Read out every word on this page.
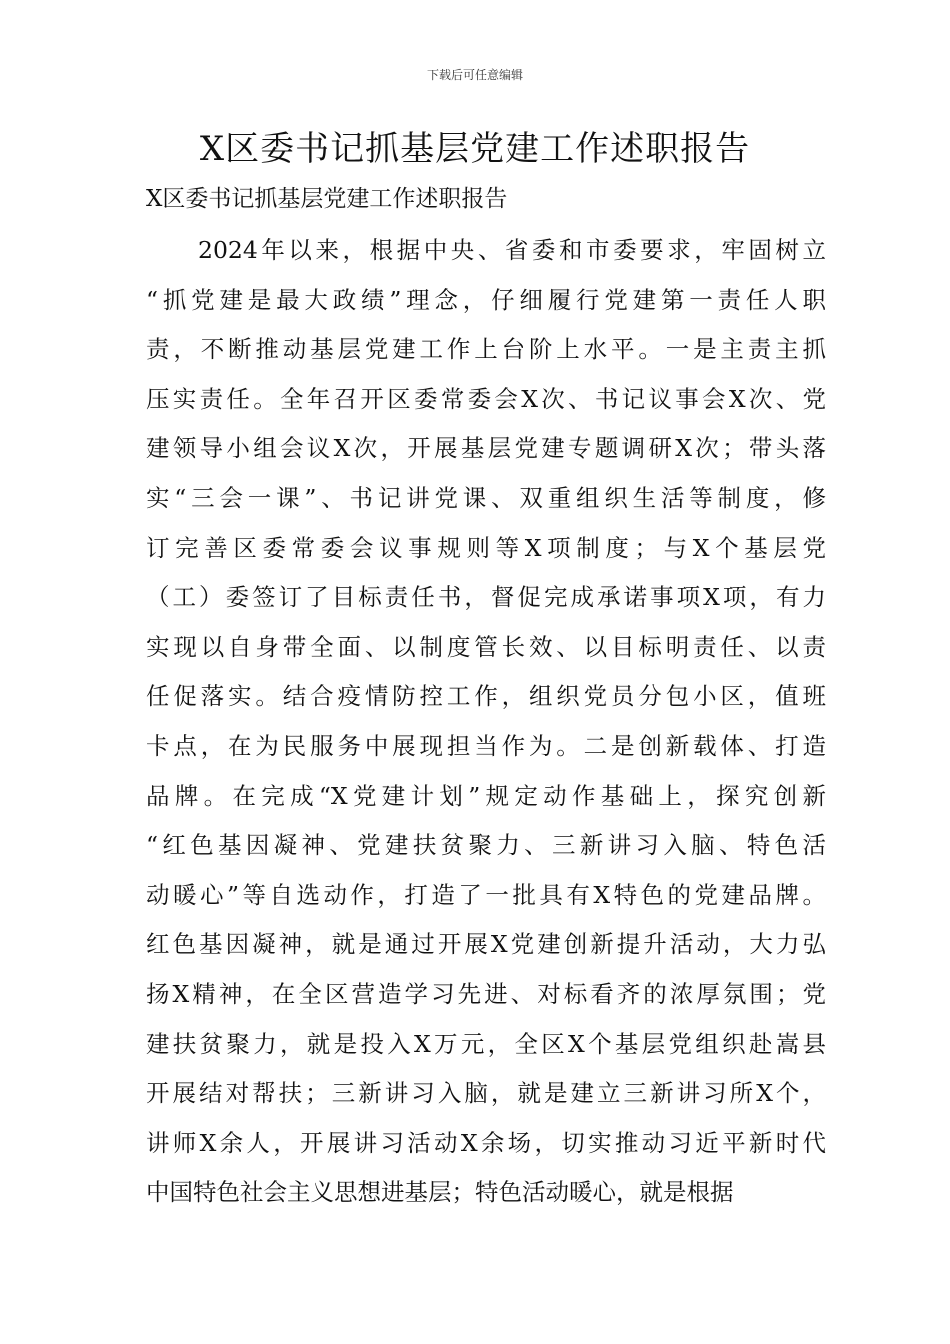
下载后可任意编辑
X区委书记抓基层党建工作述职报告
X区委书记抓基层党建工作述职报告
2024年以来，根据中央、省委和市委要求，牢固树立
“抓党建是最大政绩”理念，仔细履行党建第一责任人职
责，不断推动基层党建工作上台阶上水平。一是主责主抓
压实责任。全年召开区委常委会X次、书记议事会X次、党
建领导小组会议X次，开展基层党建专题调研X次；带头落
实“三会一课”、书记讲党课、双重组织生活等制度，修
订完善区委常委会议事规则等X项制度；与X个基层党
（工）委签订了目标责任书，督促完成承诺事项X项，有力
实现以自身带全面、以制度管长效、以目标明责任、以责
任促落实。结合疫情防控工作，组织党员分包小区，值班
卡点，在为民服务中展现担当作为。二是创新载体、打造
品牌。在完成“X党建计划”规定动作基础上，探究创新
“红色基因凝神、党建扶贫聚力、三新讲习入脑、特色活
动暖心”等自选动作，打造了一批具有X特色的党建品牌。
红色基因凝神，就是通过开展X党建创新提升活动，大力弘
扬X精神，在全区营造学习先进、对标看齐的浓厚氛围；党
建扶贫聚力，就是投入X万元，全区X个基层党组织赴嵩县
开展结对帮扶；三新讲习入脑，就是建立三新讲习所X个，
讲师X余人，开展讲习活动X余场，切实推动习近平新时代
中国特色社会主义思想进基层；特色活动暖心，就是根据
